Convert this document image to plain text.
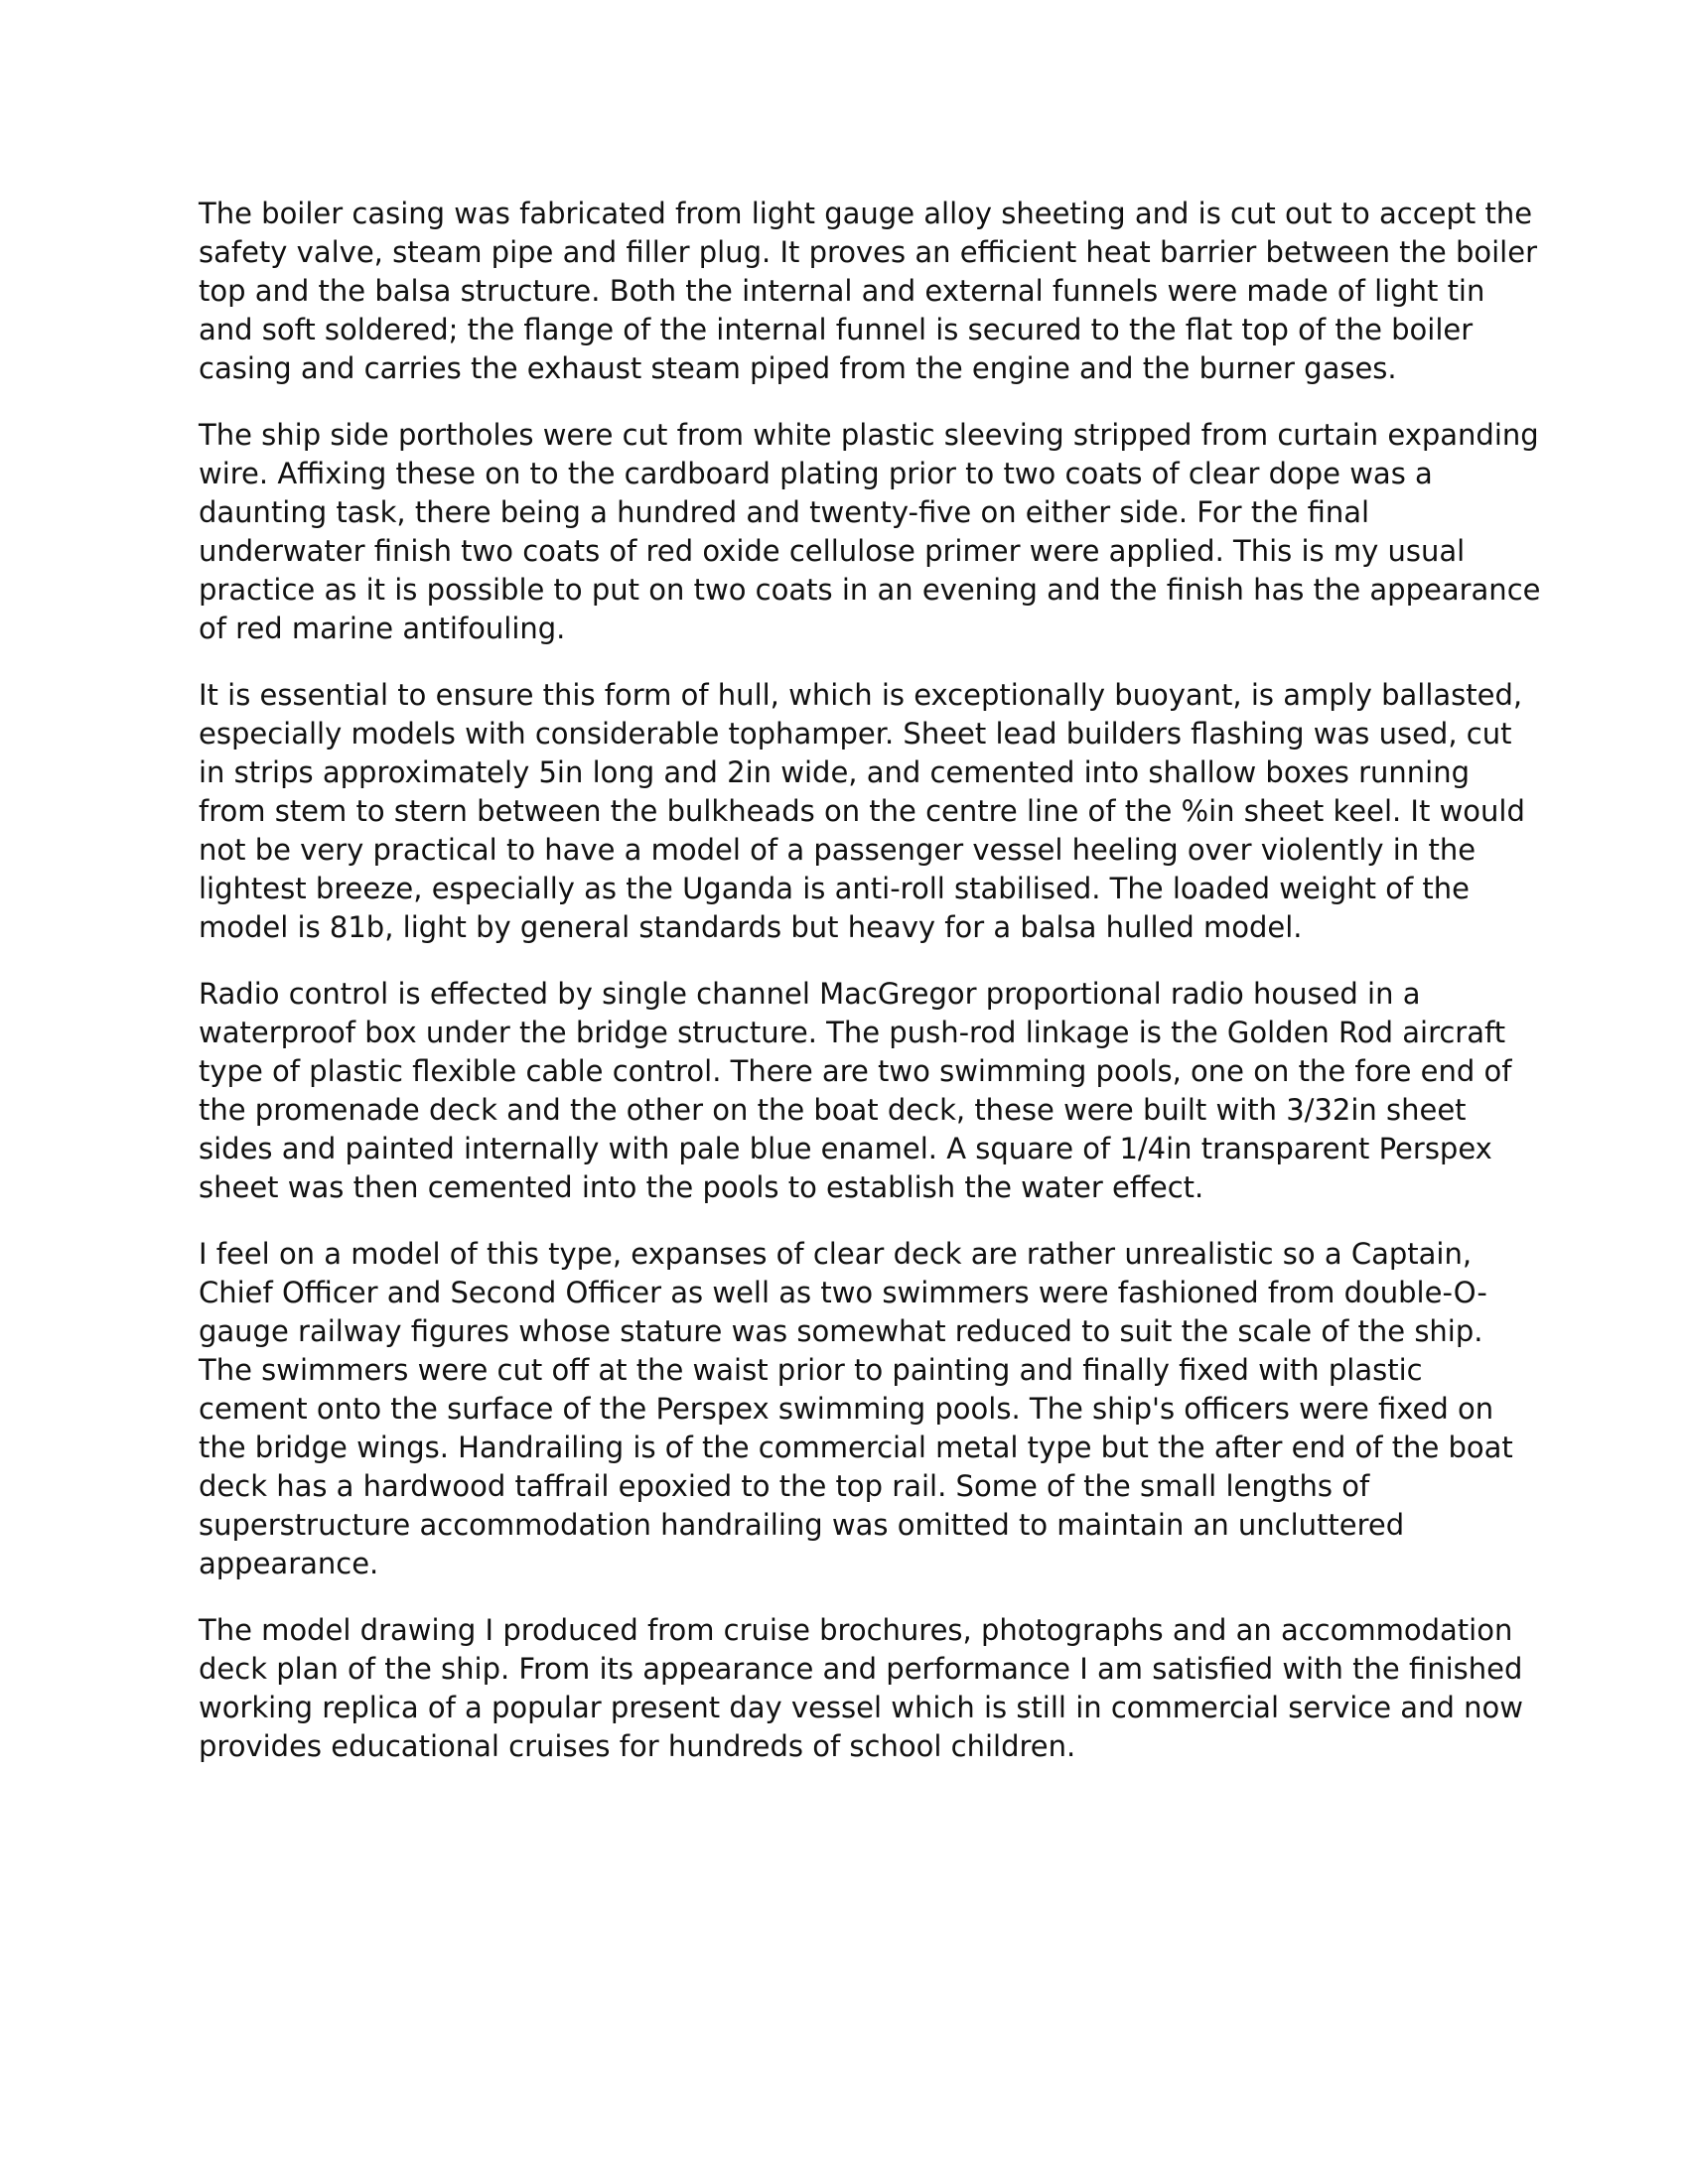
The boiler casing was fabricated from light gauge alloy sheeting and is cut out to accept the
safety valve, steam pipe and filler plug. It proves an efficient heat barrier between the boiler
top and the balsa structure. Both the internal and external funnels were made of light tin
and soft soldered; the flange of the internal funnel is secured to the flat top of the boiler
casing and carries the exhaust steam piped from the engine and the burner gases.

The ship side portholes were cut from white plastic sleeving stripped from curtain expanding
wire. Affixing these on to the cardboard plating prior to two coats of clear dope was a
daunting task, there being a hundred and twenty-five on either side. For the final
underwater finish two coats of red oxide cellulose primer were applied. This is my usual
practice as it is possible to put on two coats in an evening and the finish has the appearance
of red marine antifouling.

It is essential to ensure this form of hull, which is exceptionally buoyant, is amply ballasted,
especially models with considerable tophamper. Sheet lead builders flashing was used, cut
in strips approximately 5in long and 2in wide, and cemented into shallow boxes running
from stem to stern between the bulkheads on the centre line of the %in sheet keel. It would
not be very practical to have a model of a passenger vessel heeling over violently in the
lightest breeze, especially as the Uganda is anti-roll stabilised. The loaded weight of the
model is 81b, light by general standards but heavy for a balsa hulled model.

Radio control is effected by single channel MacGregor proportional radio housed in a
waterproof box under the bridge structure. The push-rod linkage is the Golden Rod aircraft
type of plastic flexible cable control. There are two swimming pools, one on the fore end of
the promenade deck and the other on the boat deck, these were built with 3/32in sheet
sides and painted internally with pale blue enamel. A square of 1/4in transparent Perspex
sheet was then cemented into the pools to establish the water effect.

I feel on a model of this type, expanses of clear deck are rather unrealistic so a Captain,
Chief Officer and Second Officer as well as two swimmers were fashioned from double-O-
gauge railway figures whose stature was somewhat reduced to suit the scale of the ship.
The swimmers were cut off at the waist prior to painting and finally fixed with plastic
cement onto the surface of the Perspex swimming pools. The ship's officers were fixed on
the bridge wings. Handrailing is of the commercial metal type but the after end of the boat
deck has a hardwood taffrail epoxied to the top rail. Some of the small lengths of
superstructure accommodation handrailing was omitted to maintain an uncluttered
appearance.

The model drawing I produced from cruise brochures, photographs and an accommodation
deck plan of the ship. From its appearance and performance I am satisfied with the finished
working replica of a popular present day vessel which is still in commercial service and now
provides educational cruises for hundreds of school children.
